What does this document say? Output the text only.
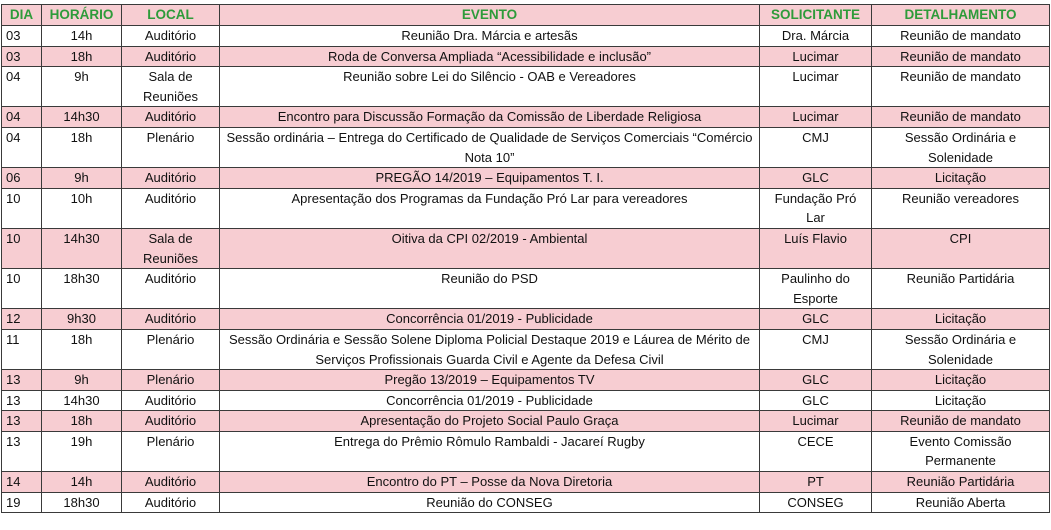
DIA	HORÁRIO	LOCAL	EVENTO	SOLICITANTE	DETALHAMENTO
03	14h	Auditório	Reunião Dra. Márcia e artesãs	Dra. Márcia	Reunião de mandato
03	18h	Auditório	Roda de Conversa Ampliada “Acessibilidade e inclusão”	Lucimar	Reunião de mandato
04	9h	Sala de Reuniões	Reunião sobre Lei do Silêncio - OAB e Vereadores	Lucimar	Reunião de mandato
04	14h30	Auditório	Encontro para Discussão Formação da Comissão de Liberdade Religiosa	Lucimar	Reunião de mandato
04	18h	Plenário	Sessão ordinária – Entrega do Certificado de Qualidade de Serviços Comerciais “Comércio Nota 10”	CMJ	Sessão Ordinária e Solenidade
06	9h	Auditório	PREGÃO 14/2019 – Equipamentos T. I.	GLC	Licitação
10	10h	Auditório	Apresentação dos Programas da Fundação Pró Lar para vereadores	Fundação Pró Lar	Reunião vereadores
10	14h30	Sala de Reuniões	Oitiva da CPI 02/2019 - Ambiental	Luís Flavio	CPI
10	18h30	Auditório	Reunião do PSD	Paulinho do Esporte	Reunião Partidária
12	9h30	Auditório	Concorrência 01/2019 - Publicidade	GLC	Licitação
11	18h	Plenário	Sessão Ordinária e Sessão Solene Diploma Policial Destaque 2019 e Láurea de Mérito de Serviços Profissionais Guarda Civil e Agente da Defesa Civil	CMJ	Sessão Ordinária e Solenidade
13	9h	Plenário	Pregão 13/2019 – Equipamentos TV	GLC	Licitação
13	14h30	Auditório	Concorrência 01/2019 - Publicidade	GLC	Licitação
13	18h	Auditório	Apresentação do Projeto Social Paulo Graça	Lucimar	Reunião de mandato
13	19h	Plenário	Entrega do Prêmio Rômulo Rambaldi - Jacareí Rugby	CECE	Evento Comissão Permanente
14	14h	Auditório	Encontro do PT – Posse da Nova Diretoria	PT	Reunião Partidária
19	18h30	Auditório	Reunião do CONSEG	CONSEG	Reunião Aberta
